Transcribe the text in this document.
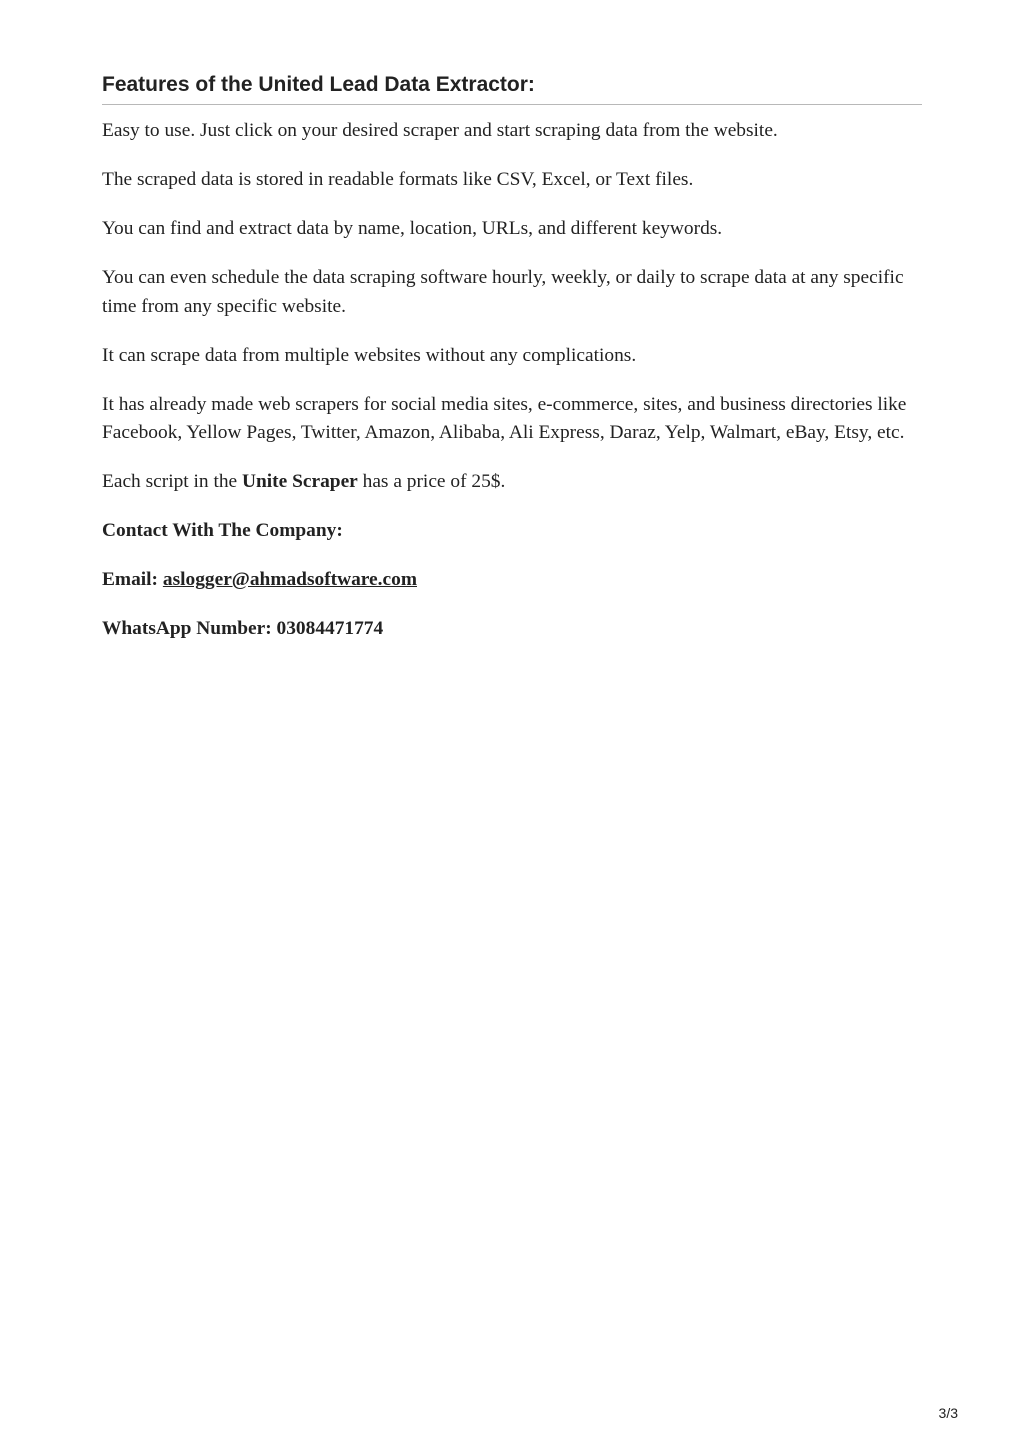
Features of the United Lead Data Extractor:

Easy to use. Just click on your desired scraper and start scraping data from the website.

The scraped data is stored in readable formats like CSV, Excel, or Text files.

You can find and extract data by name, location, URLs, and different keywords.

You can even schedule the data scraping software hourly, weekly, or daily to scrape data at any specific time from any specific website.

It can scrape data from multiple websites without any complications.

It has already made web scrapers for social media sites, e-commerce, sites, and business directories like Facebook, Yellow Pages, Twitter, Amazon, Alibaba, Ali Express, Daraz, Yelp, Walmart, eBay, Etsy, etc.

Each script in the Unite Scraper has a price of 25$.

Contact With The Company:

Email: aslogger@ahmadsoftware.com

WhatsApp Number: 03084471774

3/3
